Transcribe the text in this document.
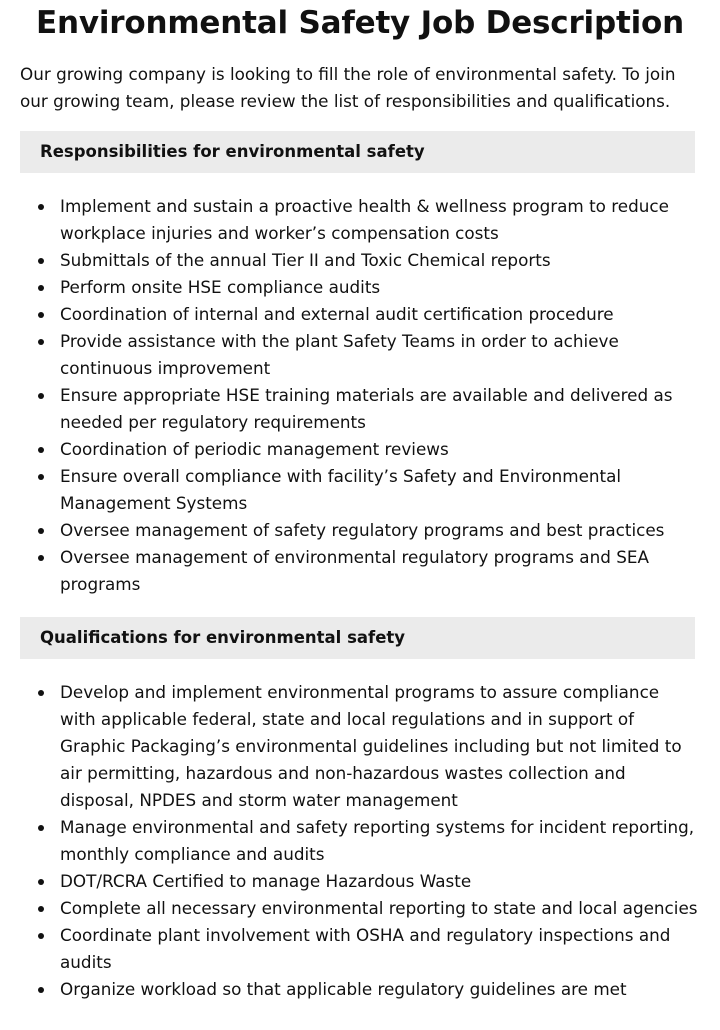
Environmental Safety Job Description

Our growing company is looking to fill the role of environmental safety. To join our growing team, please review the list of responsibilities and qualifications.

Responsibilities for environmental safety
Implement and sustain a proactive health & wellness program to reduce workplace injuries and worker’s compensation costs
Submittals of the annual Tier II and Toxic Chemical reports
Perform onsite HSE compliance audits
Coordination of internal and external audit certification procedure
Provide assistance with the plant Safety Teams in order to achieve continuous improvement
Ensure appropriate HSE training materials are available and delivered as needed per regulatory requirements
Coordination of periodic management reviews
Ensure overall compliance with facility’s Safety and Environmental Management Systems
Oversee management of safety regulatory programs and best practices
Oversee management of environmental regulatory programs and SEA programs
Qualifications for environmental safety
Develop and implement environmental programs to assure compliance with applicable federal, state and local regulations and in support of Graphic Packaging’s environmental guidelines including but not limited to air permitting, hazardous and non-hazardous wastes collection and disposal, NPDES and storm water management
Manage environmental and safety reporting systems for incident reporting, monthly compliance and audits
DOT/RCRA Certified to manage Hazardous Waste
Complete all necessary environmental reporting to state and local agencies
Coordinate plant involvement with OSHA and regulatory inspections and audits
Organize workload so that applicable regulatory guidelines are met
